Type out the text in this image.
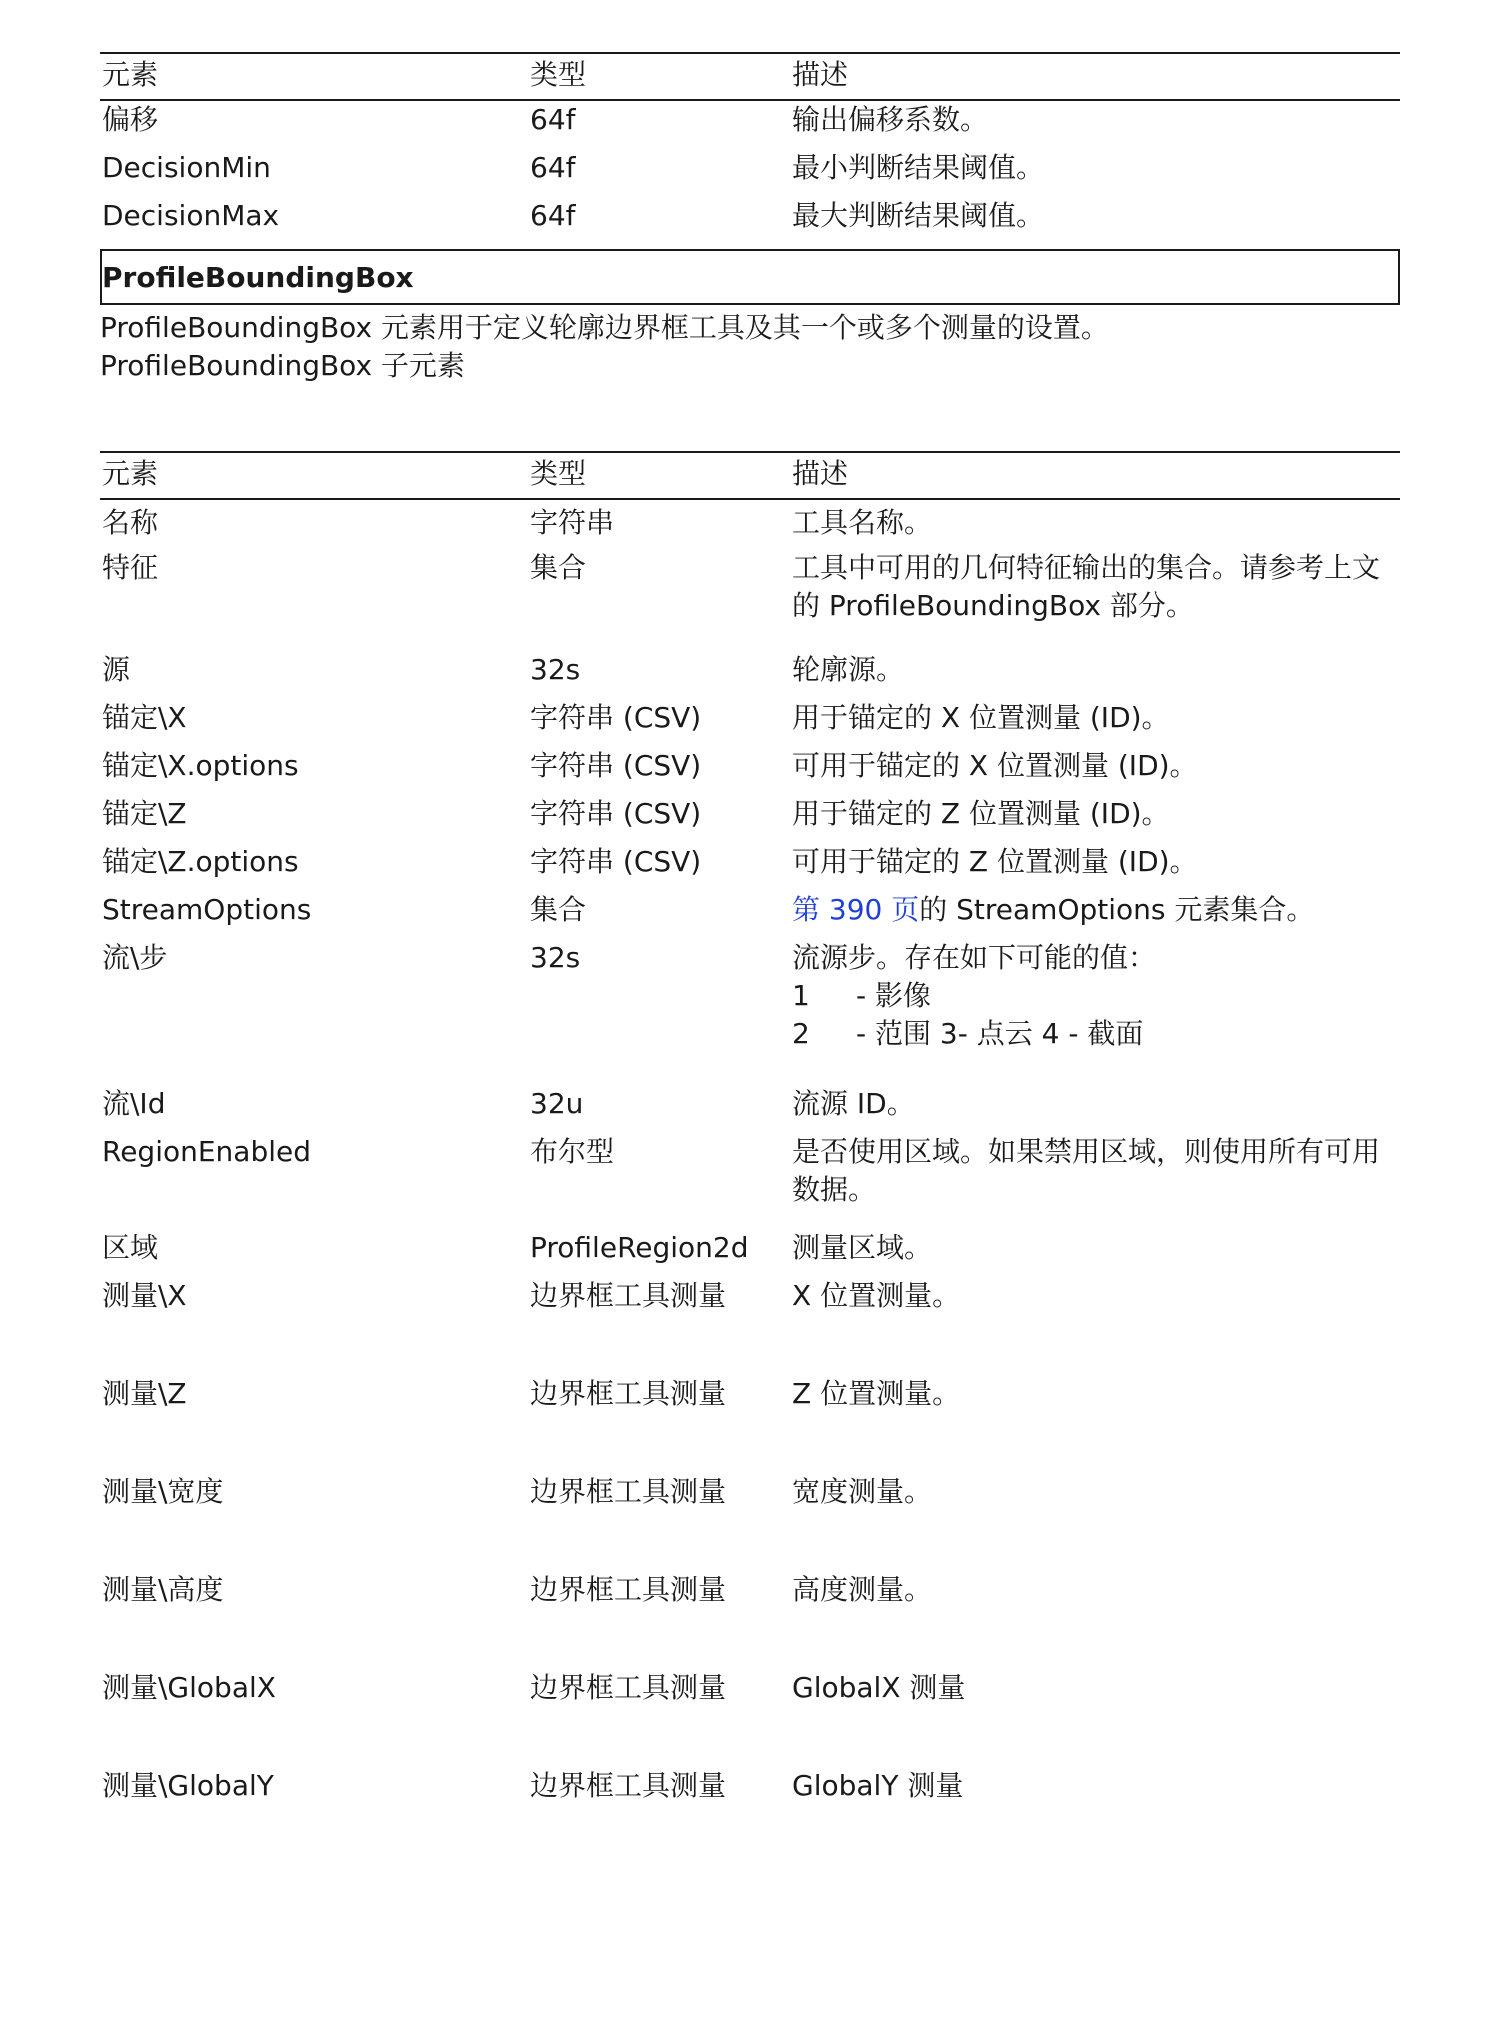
元素	类型	描述
偏移	64f	输出偏移系数。
DecisionMin	64f	最小判断结果阈值。
DecisionMax	64f	最大判断结果阈值。
ProfileBoundingBox
ProfileBoundingBox 元素用于定义轮廓边界框工具及其一个或多个测量的设置。
ProfileBoundingBox 子元素
元素	类型	描述
名称	字符串	工具名称。
特征	集合	工具中可用的几何特征输出的集合。请参考上文的 ProfileBoundingBox 部分。
源	32s	轮廓源。
锚定\X	字符串 (CSV)	用于锚定的 X 位置测量 (ID)。
锚定\X.options	字符串 (CSV)	可用于锚定的 X 位置测量 (ID)。
锚定\Z	字符串 (CSV)	用于锚定的 Z 位置测量 (ID)。
锚定\Z.options	字符串 (CSV)	可用于锚定的 Z 位置测量 (ID)。
StreamOptions	集合	第 390 页的 StreamOptions 元素集合。
流\步	32s	流源步。存在如下可能的值：
1 - 影像
2 - 范围 3- 点云 4 - 截面

流\Id	32u	流源 ID。
RegionEnabled	布尔型	是否使用区域。如果禁用区域，则使用所有可用数据。
区域	ProfileRegion2d	测量区域。
测量\X	边界框工具测量	X 位置测量。
测量\Z	边界框工具测量	Z 位置测量。
测量\宽度	边界框工具测量	宽度测量。
测量\高度	边界框工具测量	高度测量。
测量\GlobalX	边界框工具测量	GlobalX 测量
测量\GlobalY	边界框工具测量	GlobalY 测量
